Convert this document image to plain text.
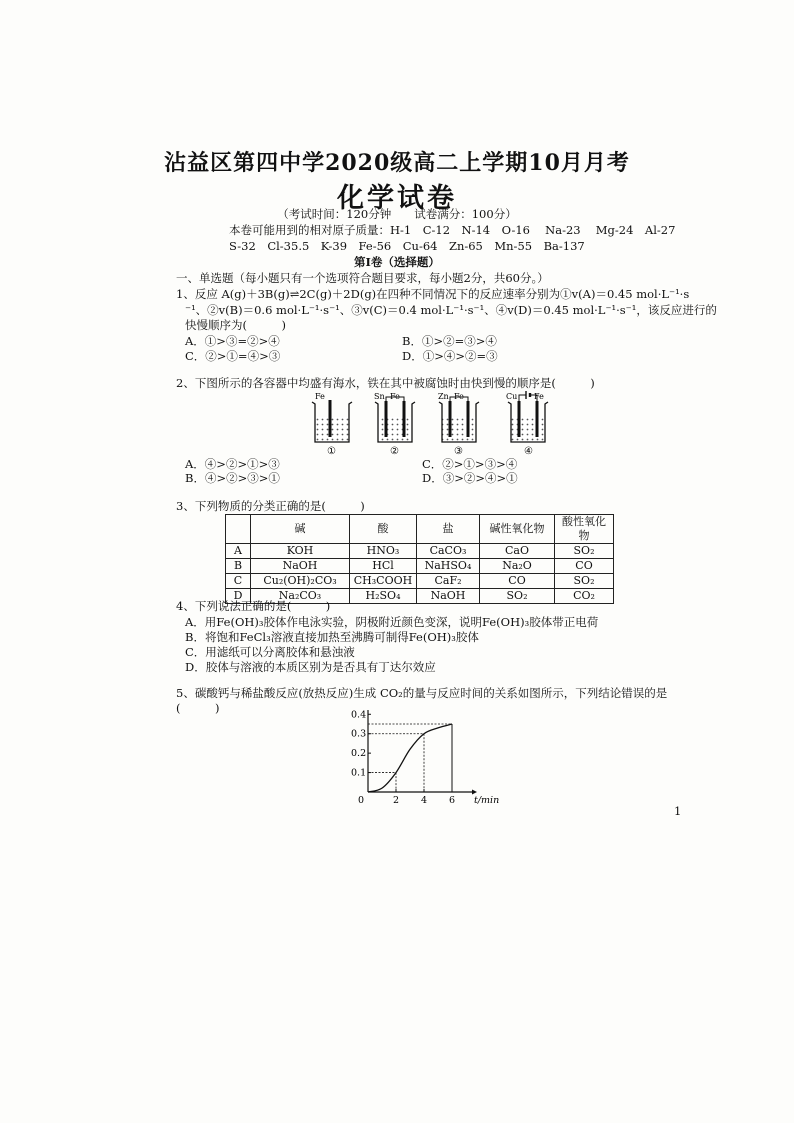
沾益区第四中学2020级高二上学期10月月考
化学试卷
（考试时间：120分钟　　试卷满分：100分）
本卷可能用到的相对原子质量：H-1　C-12　N-14　O-16　 Na-23　 Mg-24　Al-27
S-32　Cl-35.5　K-39　Fe-56　Cu-64　Zn-65　Mn-55　Ba-137
第Ⅰ卷（选择题）
一、单选题（每小题只有一个选项符合题目要求，每小题2分，共60分。）
1、反应 A(g)＋3B(g)⇌2C(g)＋2D(g)在四种不同情况下的反应速率分别为①v(A)＝0.45 mol·L⁻¹·s
⁻¹、②v(B)＝0.6 mol·L⁻¹·s⁻¹、③v(C)＝0.4 mol·L⁻¹·s⁻¹、④v(D)＝0.45 mol·L⁻¹·s⁻¹，该反应进行的
快慢顺序为(　　　)
A．①>③=②>④	B．①>②=③>④
C．②>①=④>③	D．①>④>②=③
2、下图所示的各容器中均盛有海水，铁在其中被腐蚀时由快到慢的顺序是(　　　)
Fe
①
Sn Fe
②
Zn Fe
③
Cu Fe
④
A．④>②>①>③	C．②>①>③>④
B．④>②>③>①	D．③>②>④>①
3、下列物质的分类正确的是(　　　)
	碱	酸	盐	碱性氧化物	酸性氧化物
A	KOH	HNO₃	CaCO₃	CaO	SO₂
B	NaOH	HCl	NaHSO₄	Na₂O	CO
C	Cu₂(OH)₂CO₃	CH₃COOH	CaF₂	CO	SO₂
D	Na₂CO₃	H₂SO₄	NaOH	SO₂	CO₂
4、下列说法正确的是(　　　)
A．用Fe(OH)₃胶体作电泳实验，阴极附近颜色变深，说明Fe(OH)₃胶体带正电荷
B．将饱和FeCl₃溶液直接加热至沸腾可制得Fe(OH)₃胶体
C．用滤纸可以分离胶体和悬浊液
D．胶体与溶液的本质区别为是否具有丁达尔效应
5、碳酸钙与稀盐酸反应(放热反应)生成 CO₂的量与反应时间的关系如图所示，下列结论错误的是
(　　　)
2 4 6
0.1
0.2
0.3
0.4
t/min
0
1
